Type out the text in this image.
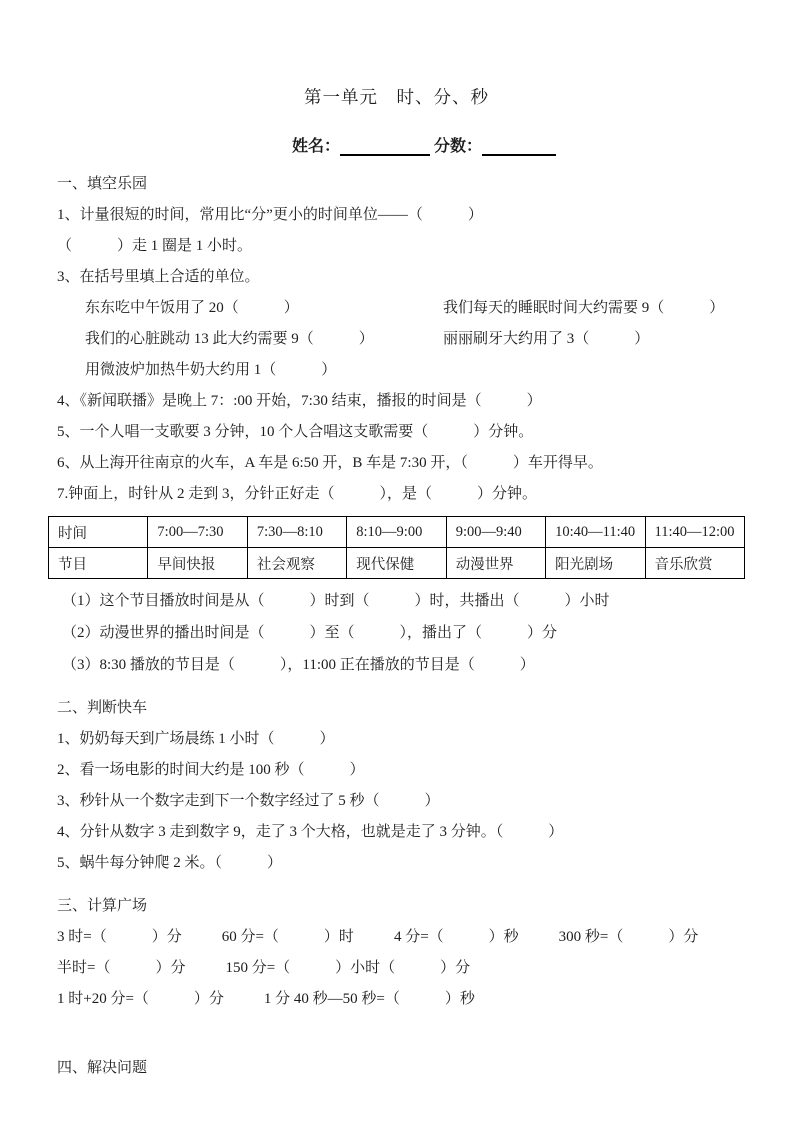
第一单元　时、分、秒
姓名：	分数：
一、填空乐园
1、计量很短的时间，常用比“分”更小的时间单位——（　　　）
（　　　）走 1 圈是 1 小时。
3、在括号里填上合适的单位。
东东吃中午饭用了 20（　　　）	我们每天的睡眠时间大约需要 9（　　　）
我们的心脏跳动 13 此大约需要 9（　　　）	丽丽刷牙大约用了 3（　　　）
用微波炉加热牛奶大约用 1（　　　）
4、《新闻联播》是晚上 7：:00 开始，7:30 结束，播报的时间是（　　　）
5、一个人唱一支歌要 3 分钟，10 个人合唱这支歌需要（　　　）分钟。
6、从上海开往南京的火车，A 车是 6:50 开，B 车是 7:30 开，（　　　）车开得早。
7.钟面上，时针从 2 走到 3，分针正好走（　　　），是（　　　）分钟。
时间	7:00—7:30	7:30—8:10	8:10—9:00	9:00—9:40	10:40—11:40	11:40—12:00
节目	早间快报	社会观察	现代保健	动漫世界	阳光剧场	音乐欣赏
（1）这个节目播放时间是从（　　　）时到（　　　）时，共播出（　　　）小时
（2）动漫世界的播出时间是（　　　）至（　　　），播出了（　　　）分
（3）8:30 播放的节目是（　　　），11:00 正在播放的节目是（　　　）
二、判断快车
1、奶奶每天到广场晨练 1 小时（　　　）
2、看一场电影的时间大约是 100 秒（　　　）
3、秒针从一个数字走到下一个数字经过了 5 秒（　　　）
4、分针从数字 3 走到数字 9，走了 3 个大格，也就是走了 3 分钟。（　　　）
5、蜗牛每分钟爬 2 米。（　　　）
三、计算广场
3 时=（　　　）分	60 分=（　　　）时	4 分=（　　　）秒	300 秒=（　　　）分
半时=（　　　）分	150 分=（　　　）小时（　　　）分
1 时+20 分=（　　　）分	1 分 40 秒—50 秒=（　　　）秒
四、解决问题
